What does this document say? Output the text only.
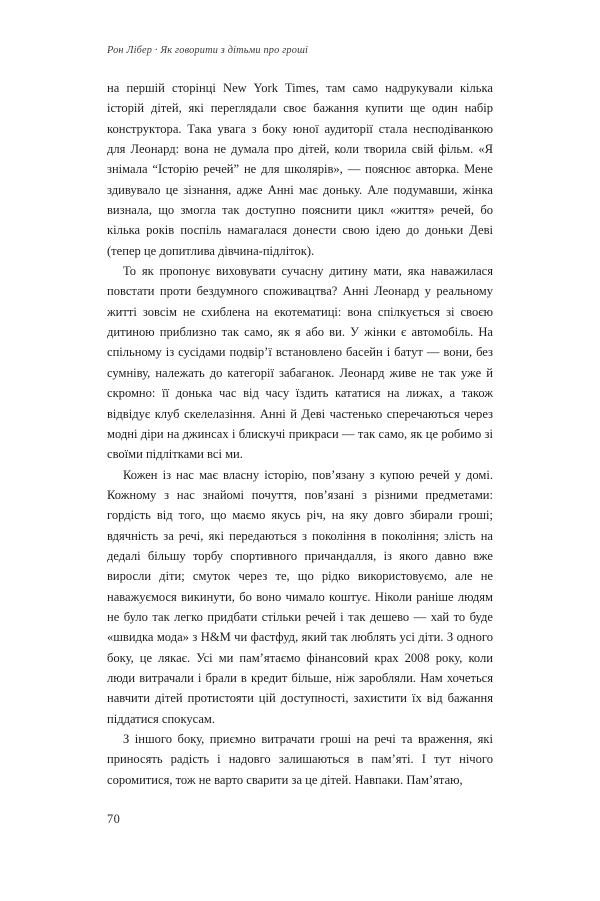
Рон Лібер · Як говорити з дітьми про гроші

на першій сторінці New York Times, там само надрукували кілька історій дітей, які переглядали своє бажання купити ще один набір конструктора. Така увага з боку юної аудиторії стала несподіванкою для Леонард: вона не думала про дітей, коли творила свій фільм. «Я знімала “Історію речей” не для школярів», — пояснює авторка. Мене здивувало це зізнання, адже Анні має доньку. Але подумавши, жінка визнала, що змогла так доступно пояснити цикл «життя» речей, бо кілька років поспіль намагалася донести свою ідею до доньки Деві (тепер це допитлива дівчина-підліток).

То як пропонує виховувати сучасну дитину мати, яка наважилася повстати проти бездумного споживацтва? Анні Леонард у реальному житті зовсім не схиблена на екотематиці: вона спілкується зі своєю дитиною приблизно так само, як я або ви. У жінки є автомобіль. На спільному із сусідами подвір’ї встановлено басейн і батут — вони, без сумніву, належать до категорії забаганок. Леонард живе не так уже й скромно: її донька час від часу їздить кататися на лижах, а також відвідує клуб скелелазіння. Анні й Деві частенько сперечаються через модні діри на джинсах і блискучі прикраси — так само, як це робимо зі своїми підлітками всі ми.

Кожен із нас має власну історію, пов’язану з купою речей у домі. Кожному з нас знайомі почуття, пов’язані з різними предметами: гордість від того, що маємо якусь річ, на яку довго збирали гроші; вдячність за речі, які передаються з покоління в покоління; злість на дедалі більшу торбу спортивного причандалля, із якого давно вже виросли діти; смуток через те, що рідко використовуємо, але не наважуємося викинути, бо воно чимало коштує. Ніколи раніше людям не було так легко придбати стільки речей і так дешево — хай то буде «швидка мода» з H&M чи фастфуд, який так люблять усі діти. З одного боку, це лякає. Усі ми пам’ятаємо фінансовий крах 2008 року, коли люди витрачали і брали в кредит більше, ніж заробляли. Нам хочеться навчити дітей протистояти цій доступності, захистити їх від бажання піддатися спокусам.

З іншого боку, приємно витрачати гроші на речі та враження, які приносять радість і надовго залишаються в пам’яті. І тут нічого соромитися, тож не варто сварити за це дітей. Навпаки. Пам’ятаю,

70
